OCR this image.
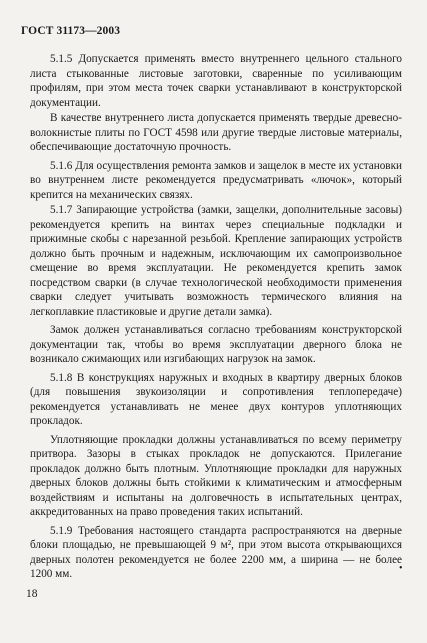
ГОСТ 31173—2003

5.1.5 Допускается применять вместо внутреннего цельного стального листа стыкованные листовые заготовки, сваренные по усиливающим профилям, при этом места точек сварки устанавливают в конструкторской документации.

В качестве внутреннего листа допускается применять твердые древесно-волокнистые плиты по ГОСТ 4598 или другие твердые листовые материалы, обеспечивающие достаточную прочность.

5.1.6 Для осуществления ремонта замков и защелок в месте их установки во внутреннем листе рекомендуется предусматривать «лючок», который крепится на механических связях.

5.1.7 Запирающие устройства (замки, защелки, дополнительные засовы) рекомендуется крепить на винтах через специальные подкладки и прижимные скобы с нарезанной резьбой. Крепление запирающих устройств должно быть прочным и надежным, исключающим их самопроизвольное смещение во время эксплуатации. Не рекомендуется крепить замок посредством сварки (в случае технологической необходимости применения сварки следует учитывать возможность термического влияния на легкоплавкие пластиковые и другие детали замка).

Замок должен устанавливаться согласно требованиям конструкторской документации так, чтобы во время эксплуатации дверного блока не возникало сжимающих или изгибающих нагрузок на замок.

5.1.8 В конструкциях наружных и входных в квартиру дверных блоков (для повышения звукоизоляции и сопротивления теплопередаче) рекомендуется устанавливать не менее двух контуров уплотняющих прокладок.

Уплотняющие прокладки должны устанавливаться по всему периметру притвора. Зазоры в стыках прокладок не допускаются. Прилегание прокладок должно быть плотным. Уплотняющие прокладки для наружных дверных блоков должны быть стойкими к климатическим и атмосферным воздействиям и испытаны на долговечность в испытательных центрах, аккредитованных на право проведения таких испытаний.

5.1.9 Требования настоящего стандарта распространяются на дверные блоки площадью, не превышающей 9 м², при этом высота открывающихся дверных полотен рекомендуется не более 2200 мм, а ширина — не более 1200 мм.	•
18
